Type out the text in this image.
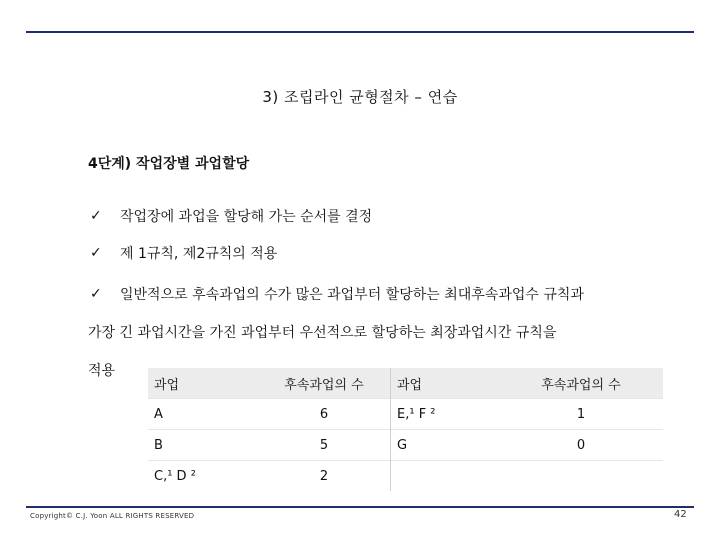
3) 조립라인 균형절차 – 연습
4단계) 작업장별 과업할당
✓	작업장에 과업을 할당해 가는 순서를 결정
✓	제 1규칙, 제2규칙의 적용
✓	일반적으로 후속과업의 수가 많은 과업부터 할당하는 최대후속과업수 규칙과
가장 긴 과업시간을 가진 과업부터 우선적으로 할당하는 최장과업시간 규칙을
적용
과업	후속과업의 수	과업	후속과업의 수
A	6	E,¹ F ²	1
B	5	G	0
C,¹ D ²	2		
Copyright© C.J. Yoon ALL RIGHTS RESERVED	42
